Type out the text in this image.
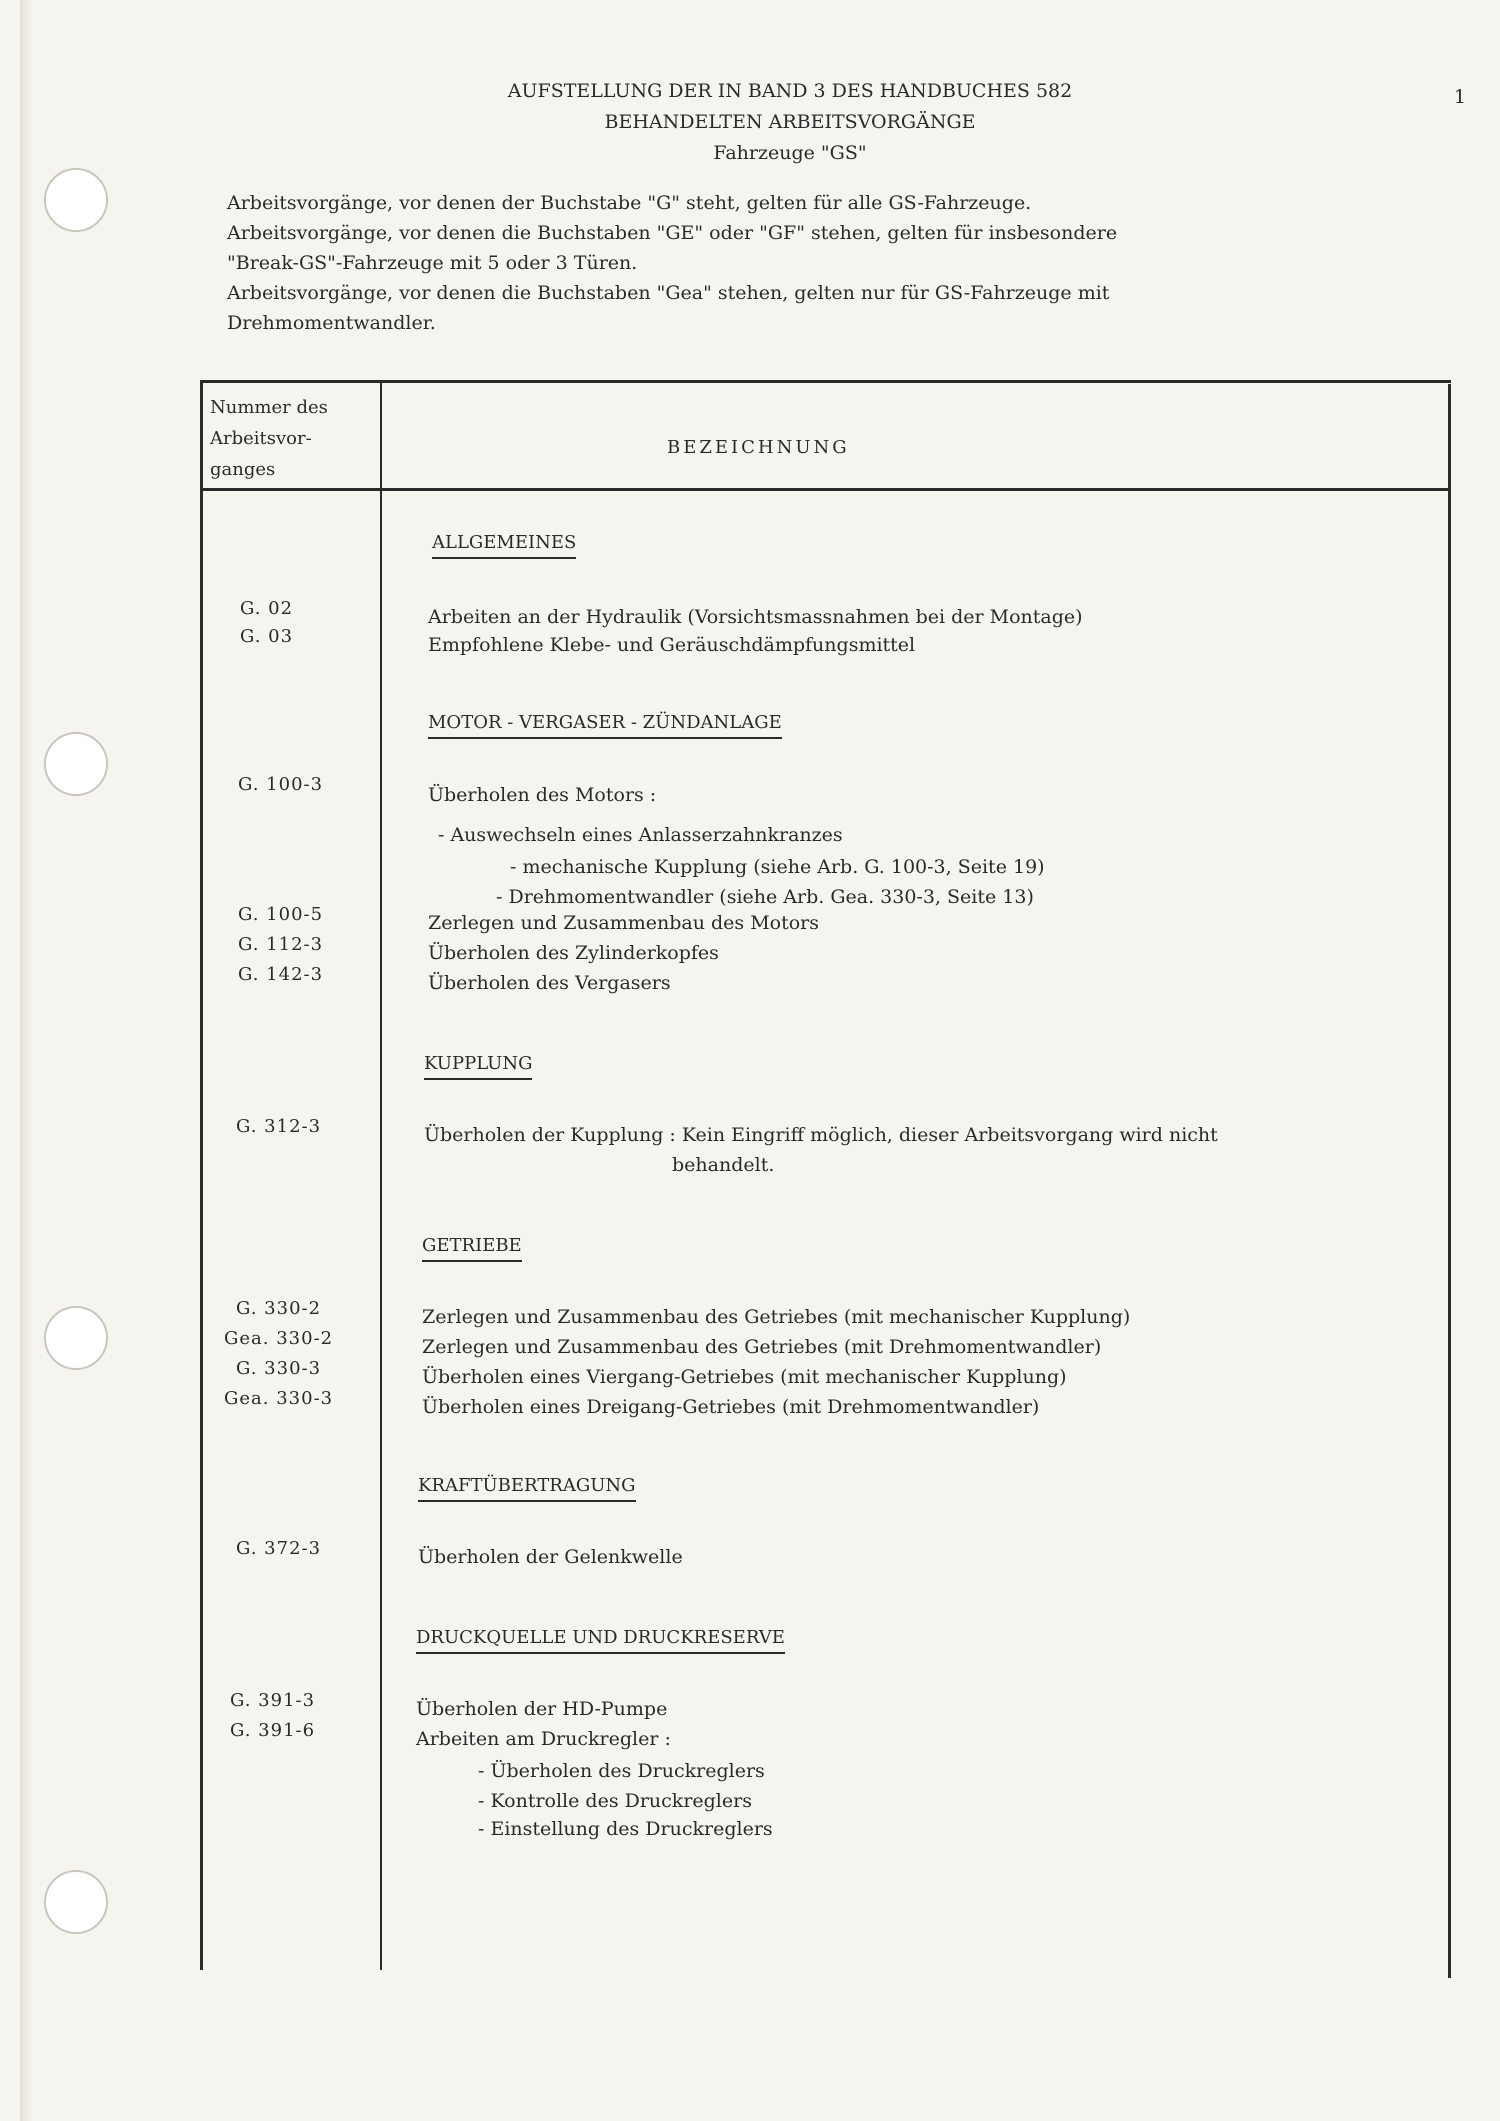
1
AUFSTELLUNG DER IN BAND 3 DES HANDBUCHES 582
BEHANDELTEN ARBEITSVORGÄNGE
Fahrzeuge "GS"
Arbeitsvorgänge, vor denen der Buchstabe "G" steht, gelten für alle GS-Fahrzeuge.
Arbeitsvorgänge, vor denen die Buchstaben "GE" oder "GF" stehen, gelten für insbesondere
"Break-GS"-Fahrzeuge mit 5 oder 3 Türen.
Arbeitsvorgänge, vor denen die Buchstaben "Gea" stehen, gelten nur für GS-Fahrzeuge mit
Drehmomentwandler.
Nummer des
Arbeitsvor-
ganges
BEZEICHNUNG
ALLGEMEINES
G. 02	Arbeiten an der Hydraulik (Vorsichtsmassnahmen bei der Montage)
G. 03	Empfohlene Klebe- und Geräuschdämpfungsmittel
MOTOR - VERGASER - ZÜNDANLAGE
G. 100-3	Überholen des Motors :
- Auswechseln eines Anlasserzahnkranzes
- mechanische Kupplung (siehe Arb. G. 100-3, Seite 19)
- Drehmomentwandler (siehe Arb. Gea. 330-3, Seite 13)
G. 100-5	Zerlegen und Zusammenbau des Motors
G. 112-3	Überholen des Zylinderkopfes
G. 142-3	Überholen des Vergasers
KUPPLUNG
G. 312-3	Überholen der Kupplung : Kein Eingriff möglich, dieser Arbeitsvorgang wird nicht
behandelt.
GETRIEBE
G. 330-2	Zerlegen und Zusammenbau des Getriebes (mit mechanischer Kupplung)
Gea. 330-2	Zerlegen und Zusammenbau des Getriebes (mit Drehmomentwandler)
G. 330-3	Überholen eines Viergang-Getriebes (mit mechanischer Kupplung)
Gea. 330-3	Überholen eines Dreigang-Getriebes (mit Drehmomentwandler)
KRAFTÜBERTRAGUNG
G. 372-3	Überholen der Gelenkwelle
DRUCKQUELLE UND DRUCKRESERVE
G. 391-3	Überholen der HD-Pumpe
G. 391-6	Arbeiten am Druckregler :
- Überholen des Druckreglers
- Kontrolle des Druckreglers
- Einstellung des Druckreglers
